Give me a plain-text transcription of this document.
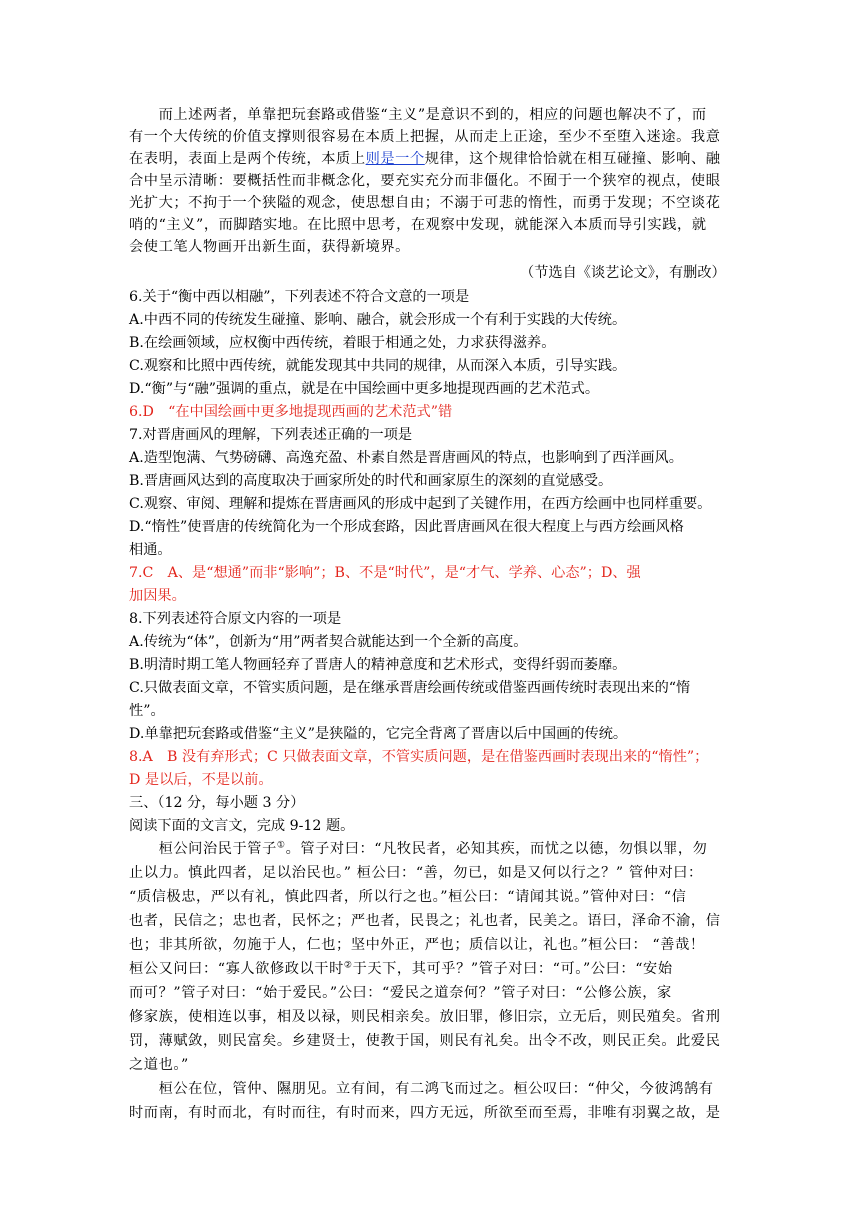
　　而上述两者，单靠把玩套路或借鉴“主义”是意识不到的，相应的问题也解决不了，而
有一个大传统的价值支撑则很容易在本质上把握，从而走上正途，至少不至堕入迷途。我意
在表明，表面上是两个传统，本质上则是一个规律，这个规律恰恰就在相互碰撞、影响、融
合中呈示清晰：要概括性而非概念化，要充实充分而非僵化。不囿于一个狭窄的视点，使眼
光扩大；不拘于一个狭隘的观念，使思想自由；不溺于可悲的惰性，而勇于发现；不空谈花
哨的“主义”，而脚踏实地。在比照中思考，在观察中发现，就能深入本质而导引实践，就
会使工笔人物画开出新生面，获得新境界。
（节选自《谈艺论文》，有删改）
6.关于“衡中西以相融”，下列表述不符合文意的一项是
A.中西不同的传统发生碰撞、影响、融合，就会形成一个有利于实践的大传统。
B.在绘画领域，应权衡中西传统，着眼于相通之处，力求获得滋养。
C.观察和比照中西传统，就能发现其中共同的规律，从而深入本质，引导实践。
D.“衡”与“融”强调的重点，就是在中国绘画中更多地提现西画的艺术范式。
6.D　“在中国绘画中更多地提现西画的艺术范式”错
7.对晋唐画风的理解，下列表述正确的一项是
A.造型饱满、气势磅礴、高逸充盈、朴素自然是晋唐画风的特点，也影响到了西洋画风。
B.晋唐画风达到的高度取决于画家所处的时代和画家原生的深刻的直觉感受。
C.观察、审阅、理解和提炼在晋唐画风的形成中起到了关键作用，在西方绘画中也同样重要。
D.“惰性”使晋唐的传统简化为一个形成套路，因此晋唐画风在很大程度上与西方绘画风格
相通。
7.C　A、是“想通”而非“影响”；B、不是“时代”，是“才气、学养、心态”；D、强
加因果。
8.下列表述符合原文内容的一项是
A.传统为“体”，创新为“用”两者契合就能达到一个全新的高度。
B.明清时期工笔人物画轻弃了晋唐人的精神意度和艺术形式，变得纤弱而萎靡。
C.只做表面文章，不管实质问题，是在继承晋唐绘画传统或借鉴西画传统时表现出来的“惰
性”。
D.单靠把玩套路或借鉴“主义”是狭隘的，它完全背离了晋唐以后中国画的传统。
8.A　B 没有弃形式；C 只做表面文章，不管实质问题，是在借鉴西画时表现出来的“惰性”；
D 是以后，不是以前。
三、（12 分，每小题 3 分）
阅读下面的文言文，完成 9-12 题。
　　桓公问治民于管子①。管子对曰：“凡牧民者，必知其疾，而忧之以德，勿惧以罪，勿
止以力。慎此四者，足以治民也。” 桓公曰：“善，勿已，如是又何以行之？” 管仲对曰：
“质信极忠，严以有礼，慎此四者，所以行之也。”桓公曰：“请闻其说。”管仲对曰：“信
也者，民信之；忠也者，民怀之；严也者，民畏之；礼也者，民美之。语曰，泽命不渝，信
也；非其所欲，勿施于人，仁也；坚中外正，严也；质信以让，礼也。”桓公曰： “善哉！
桓公又问曰：“寡人欲修政以干时②于天下，其可乎？”管子对曰：“可。”公曰：“安始
而可？”管子对曰：“始于爱民。”公曰：“爱民之道奈何？”管子对曰：“公修公族，家
修家族，使相连以事，相及以禄，则民相亲矣。放旧罪，修旧宗，立无后，则民殖矣。省刑
罚，薄赋敛，则民富矣。乡建贤士，使教于国，则民有礼矣。出令不改，则民正矣。此爱民
之道也。”
　　桓公在位，管仲、隰朋见。立有间，有二鸿飞而过之。桓公叹曰：“仲父，今彼鸿鹄有
时而南，有时而北，有时而往，有时而来，四方无远，所欲至而至焉，非唯有羽翼之故，是
